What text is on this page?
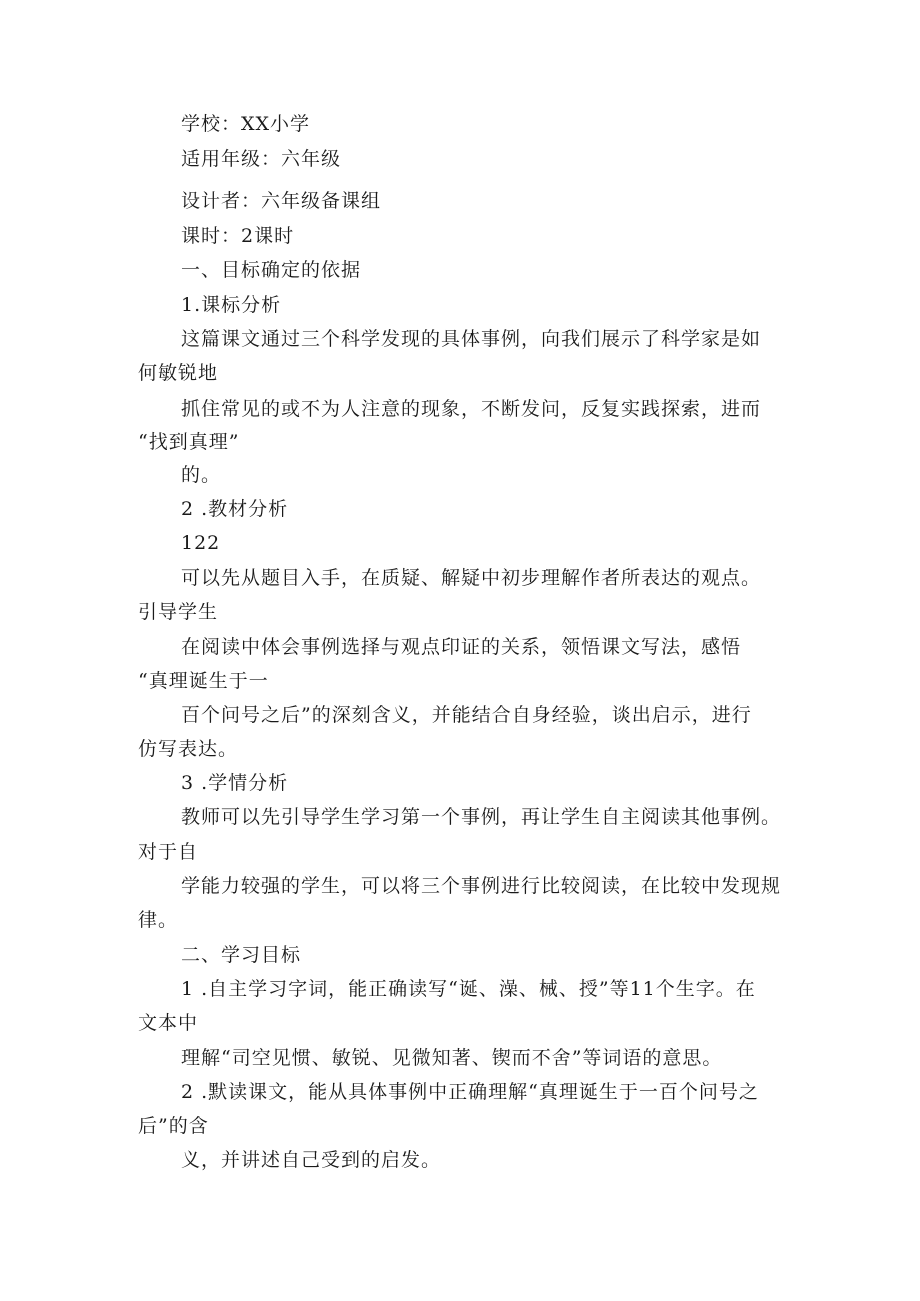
学校：XX小学
适用年级：六年级
设计者：六年级备课组
课时：2课时
一、目标确定的依据
1.课标分析
这篇课文通过三个科学发现的具体事例，向我们展示了科学家是如
何敏锐地
抓住常见的或不为人注意的现象，不断发问，反复实践探索，进而
“找到真理”
的。
2 .教材分析
122
可以先从题目入手，在质疑、解疑中初步理解作者所表达的观点。
引导学生
在阅读中体会事例选择与观点印证的关系，领悟课文写法，感悟
“真理诞生于一
百个问号之后”的深刻含义，并能结合自身经验，谈出启示，进行
仿写表达。
3 .学情分析
教师可以先引导学生学习第一个事例，再让学生自主阅读其他事例。
对于自
学能力较强的学生，可以将三个事例进行比较阅读，在比较中发现规
律。
二、学习目标
1 .自主学习字词，能正确读写“诞、澡、械、授”等11个生字。在
文本中
理解“司空见惯、敏锐、见微知著、锲而不舍”等词语的意思。
2 .默读课文，能从具体事例中正确理解“真理诞生于一百个问号之
后”的含
义，并讲述自己受到的启发。
